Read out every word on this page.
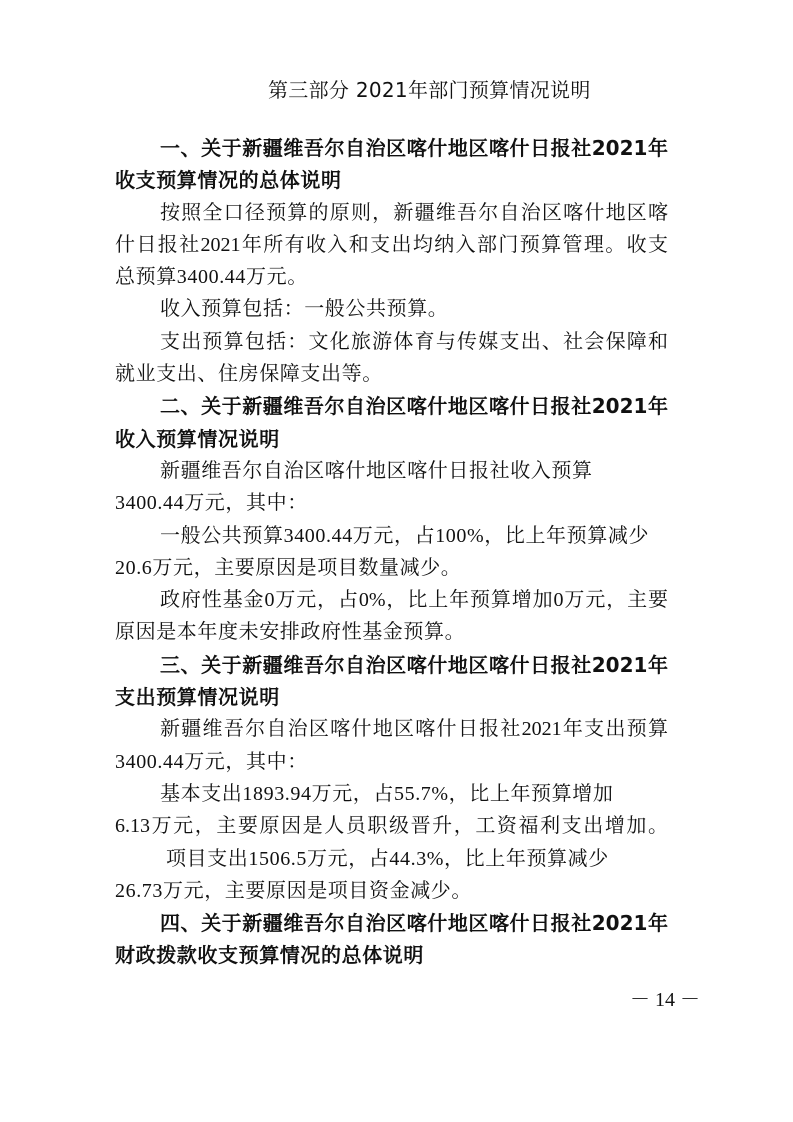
第三部分 2021年部门预算情况说明
一、关于新疆维吾尔自治区喀什地区喀什日报社2021年
收支预算情况的总体说明
按照全口径预算的原则，新疆维吾尔自治区喀什地区喀
什日报社2021年所有收入和支出均纳入部门预算管理。收支
总预算3400.44万元。
收入预算包括：一般公共预算。
支出预算包括：文化旅游体育与传媒支出、社会保障和
就业支出、住房保障支出等。
二、关于新疆维吾尔自治区喀什地区喀什日报社2021年
收入预算情况说明
新疆维吾尔自治区喀什地区喀什日报社收入预算
3400.44万元，其中：
一般公共预算3400.44万元，占100%，比上年预算减少
20.6万元，主要原因是项目数量减少。
政府性基金0万元，占0%，比上年预算增加0万元，主要
原因是本年度未安排政府性基金预算。
三、关于新疆维吾尔自治区喀什地区喀什日报社2021年
支出预算情况说明
新疆维吾尔自治区喀什地区喀什日报社2021年支出预算
3400.44万元，其中：
基本支出1893.94万元，占55.7%，比上年预算增加
6.13万元，主要原因是人员职级晋升，工资福利支出增加。
项目支出1506.5万元，占44.3%，比上年预算减少
26.73万元，主要原因是项目资金减少。
四、关于新疆维吾尔自治区喀什地区喀什日报社2021年
财政拨款收支预算情况的总体说明
－ 14 －
